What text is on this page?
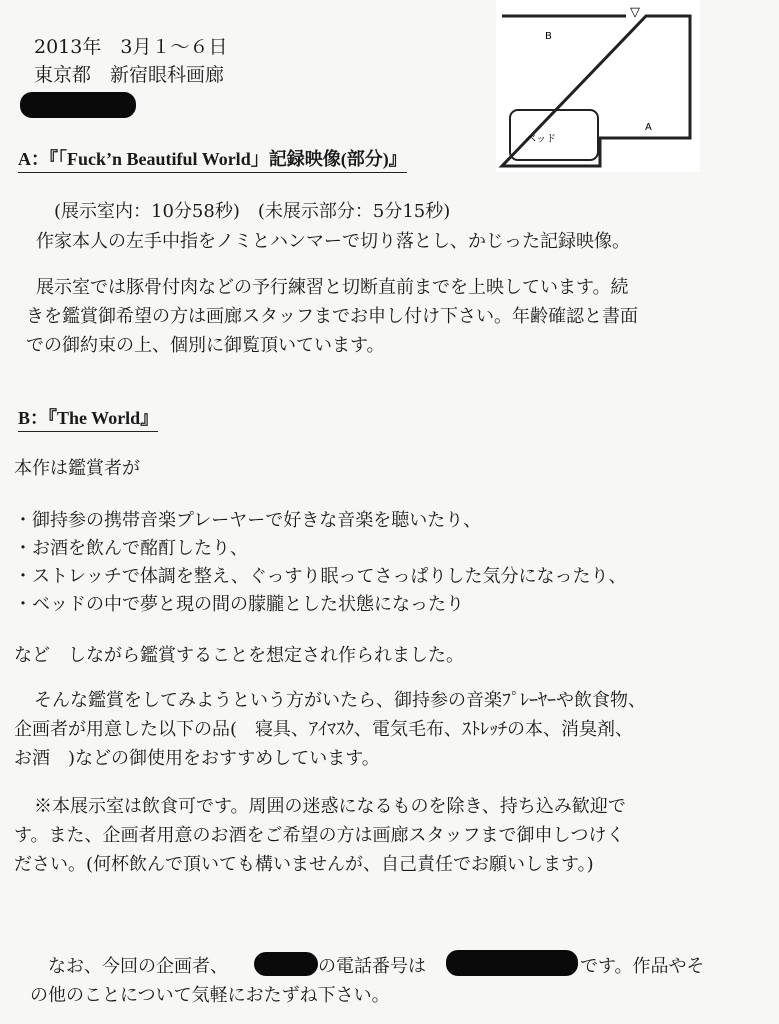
2013年　3月１～６日
東京都　新宿眼科画廊
B
A
ベッド
▽
A：『「Fuck’n Beautiful World」記録映像(部分)』
(展示室内：10分58秒)　(未展示部分：5分15秒)
作家本人の左手中指をノミとハンマーで切り落とし、かじった記録映像。
展示室では豚骨付肉などの予行練習と切断直前までを上映しています。続
きを鑑賞御希望の方は画廊スタッフまでお申し付け下さい。年齢確認と書面
での御約束の上、個別に御覧頂いています。
B：『The World』
本作は鑑賞者が
・御持参の携帯音楽プレーヤーで好きな音楽を聴いたり、
・お酒を飲んで酩酊したり、
・ストレッチで体調を整え、ぐっすり眠ってさっぱりした気分になったり、
・ベッドの中で夢と現の間の朦朧とした状態になったり
など　しながら鑑賞することを想定され作られました。
そんな鑑賞をしてみようという方がいたら、御持参の音楽ﾌﾟﾚｰﾔｰや飲食物、
企画者が用意した以下の品(　寝具、ｱｲﾏｽｸ、電気毛布、ｽﾄﾚｯﾁの本、消臭剤、
お酒　)などの御使用をおすすめしています。
※本展示室は飲食可です。周囲の迷惑になるものを除き、持ち込み歓迎で
す。また、企画者用意のお酒をご希望の方は画廊スタッフまで御申しつけく
ださい。(何杯飲んで頂いても構いませんが、自己責任でお願いします。)
なお、今回の企画者、	の電話番号は	です。作品やそ
の他のことについて気軽におたずね下さい。
